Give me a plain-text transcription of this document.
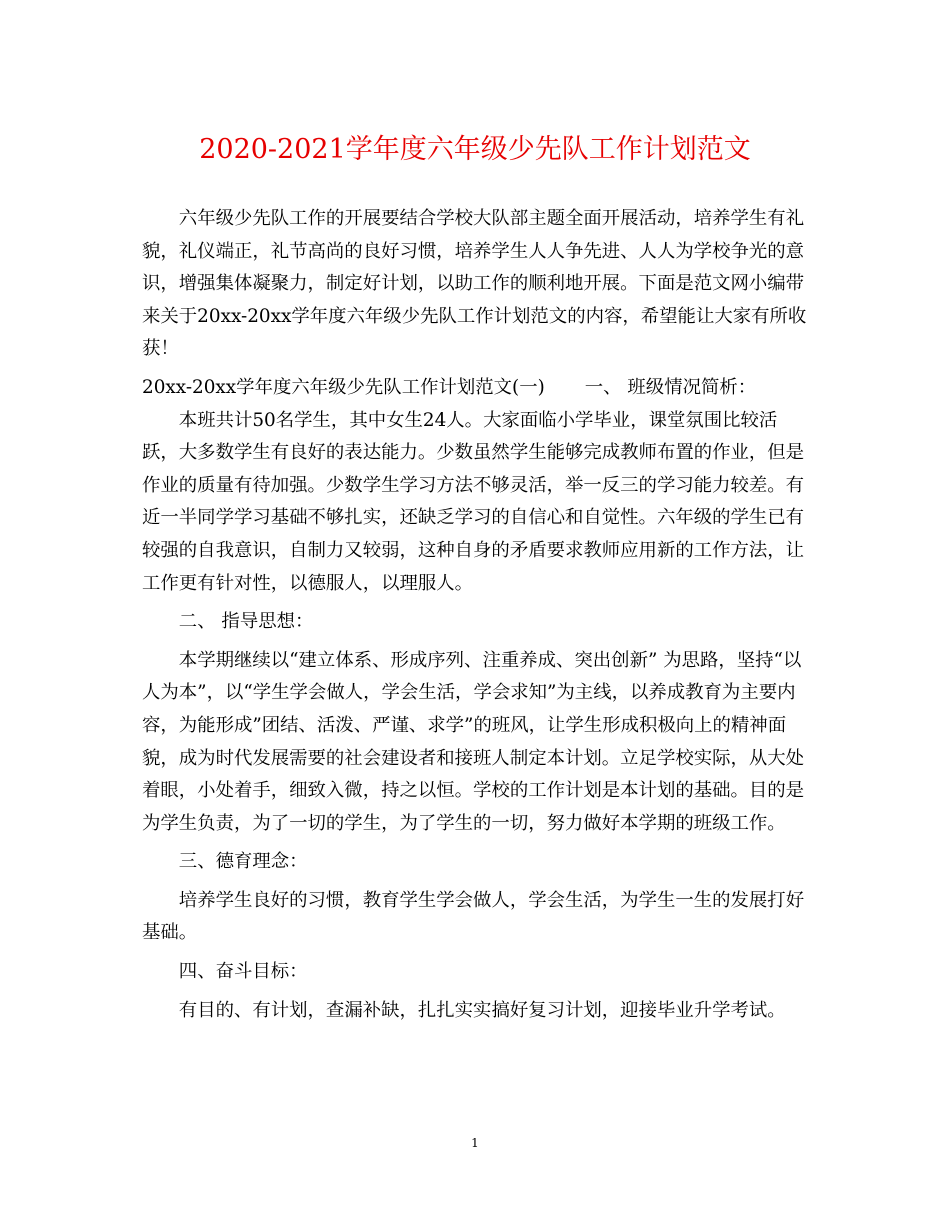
2020-2021学年度六年级少先队工作计划范文

六年级少先队工作的开展要结合学校大队部主题全面开展活动，培养学生有礼貌，礼仪端正，礼节高尚的良好习惯，培养学生人人争先进、人人为学校争光的意识，增强集体凝聚力，制定好计划，以助工作的顺利地开展。下面是范文网小编带来关于20xx-20xx学年度六年级少先队工作计划范文的内容，希望能让大家有所收获！

20xx-20xx学年度六年级少先队工作计划范文(一) 一、 班级情况简析：

本班共计50名学生，其中女生24人。大家面临小学毕业，课堂氛围比较活跃，大多数学生有良好的表达能力。少数虽然学生能够完成教师布置的作业，但是作业的质量有待加强。少数学生学习方法不够灵活，举一反三的学习能力较差。有近一半同学学习基础不够扎实，还缺乏学习的自信心和自觉性。六年级的学生已有较强的自我意识，自制力又较弱，这种自身的矛盾要求教师应用新的工作方法，让工作更有针对性，以德服人，以理服人。

二、 指导思想：

本学期继续以“建立体系、形成序列、注重养成、突出创新” 为思路，坚持“以人为本”，以“学生学会做人，学会生活，学会求知”为主线，以养成教育为主要内容，为能形成”团结、活泼、严谨、求学”的班风，让学生形成积极向上的精神面貌，成为时代发展需要的社会建设者和接班人制定本计划。立足学校实际，从大处着眼，小处着手，细致入微，持之以恒。学校的工作计划是本计划的基础。目的是为学生负责，为了一切的学生，为了学生的一切，努力做好本学期的班级工作。

三、德育理念：

培养学生良好的习惯，教育学生学会做人，学会生活，为学生一生的发展打好基础。

四、奋斗目标：

有目的、有计划，查漏补缺，扎扎实实搞好复习计划，迎接毕业升学考试。

1
